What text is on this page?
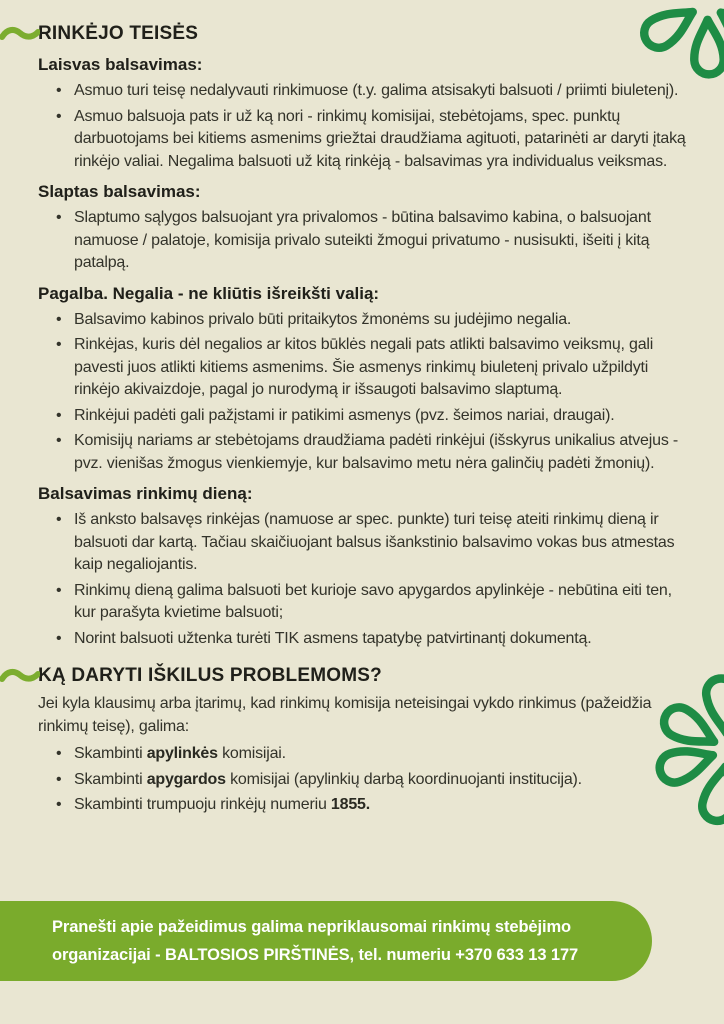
RINKĖJO TEISĖS
Laisvas balsavimas:
• Asmuo turi teisę nedalyvauti rinkimuose (t.y. galima atsisakyti balsuoti / priimti biuletenį).
• Asmuo balsuoja pats ir už ką nori - rinkimų komisijai, stebėtojams, spec. punktų darbuotojams bei kitiems asmenims griežtai draudžiama agituoti, patarinėti ar daryti įtaką rinkėjo valiai. Negalima balsuoti už kitą rinkėją - balsavimas yra individualus veiksmas.
Slaptas balsavimas:
• Slaptumo sąlygos balsuojant yra privalomos - būtina balsavimo kabina, o balsuojant namuose / palatoje, komisija privalo suteikti žmogui privatumo - nusisukti, išeiti į kitą patalpą.
Pagalba. Negalia - ne kliūtis išreikšti valią:
• Balsavimo kabinos privalo būti pritaikytos žmonėms su judėjimo negalia.
• Rinkėjas, kuris dėl negalios ar kitos būklės negali pats atlikti balsavimo veiksmų, gali pavesti juos atlikti kitiems asmenims. Šie asmenys rinkimų biuletenį privalo užpildyti rinkėjo akivaizdoje, pagal jo nurodymą ir išsaugoti balsavimo slaptumą.
• Rinkėjui padėti gali pažįstami ir patikimi asmenys (pvz. šeimos nariai, draugai).
• Komisijų nariams ar stebėtojams draudžiama padėti rinkėjui (išskyrus unikalius atvejus - pvz. vienišas žmogus vienkiemyje, kur balsavimo metu nėra galinčių padėti žmonių).
Balsavimas rinkimų dieną:
• Iš anksto balsavęs rinkėjas (namuose ar spec. punkte) turi teisę ateiti rinkimų dieną ir balsuoti dar kartą. Tačiau skaičiuojant balsus išankstinio balsavimo vokas bus atmestas kaip negaliojantis.
• Rinkimų dieną galima balsuoti bet kurioje savo apygardos apylinkėje - nebūtina eiti ten, kur parašyta kvietime balsuoti;
• Norint balsuoti užtenka turėti TIK asmens tapatybę patvirtinantį dokumentą.
KĄ DARYTI IŠKILUS PROBLEMOMS?
Jei kyla klausimų arba įtarimų, kad rinkimų komisija neteisingai vykdo rinkimus (pažeidžia rinkimų teisę), galima:
• Skambinti apylinkės komisijai.
• Skambinti apygardos komisijai (apylinkių darbą koordinuojanti institucija).
• Skambinti trumpuoju rinkėjų numeriu 1855.
Pranešti apie pažeidimus galima nepriklausomai rinkimų stebėjimo
organizacijai - BALTOSIOS PIRŠTINĖS, tel. numeriu +370 633 13 177
